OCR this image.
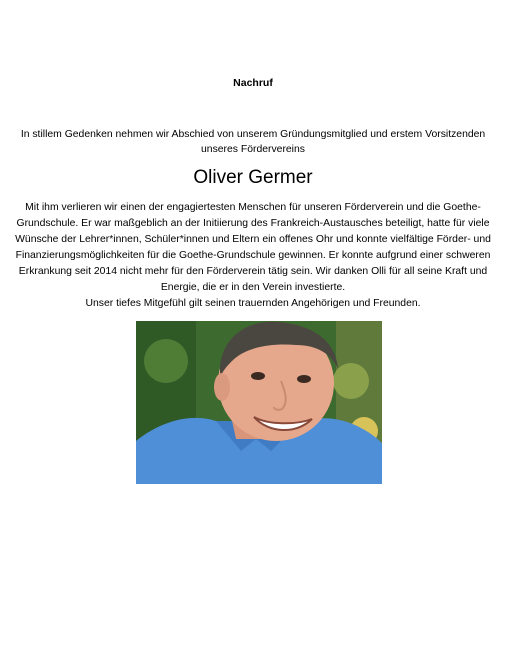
Nachruf
In stillem Gedenken nehmen wir Abschied von unserem Gründungsmitglied und erstem Vorsitzenden
unseres Fördervereins
Oliver Germer

Mit ihm verlieren wir einen der engagiertesten Menschen für unseren Förderverein und die Goethe-Grundschule. Er war maßgeblich an der Initiierung des Frankreich-Austausches beteiligt, hatte für viele Wünsche der Lehrer*innen, Schüler*innen und Eltern ein offenes Ohr und konnte vielfältige Förder- und Finanzierungsmöglichkeiten für die Goethe-Grundschule gewinnen. Er konnte aufgrund einer schweren Erkrankung seit 2014 nicht mehr für den Förderverein tätig sein. Wir danken Olli für all seine Kraft und Energie, die er in den Verein investierte.

Unser tiefes Mitgefühl gilt seinen trauernden Angehörigen und Freunden.
